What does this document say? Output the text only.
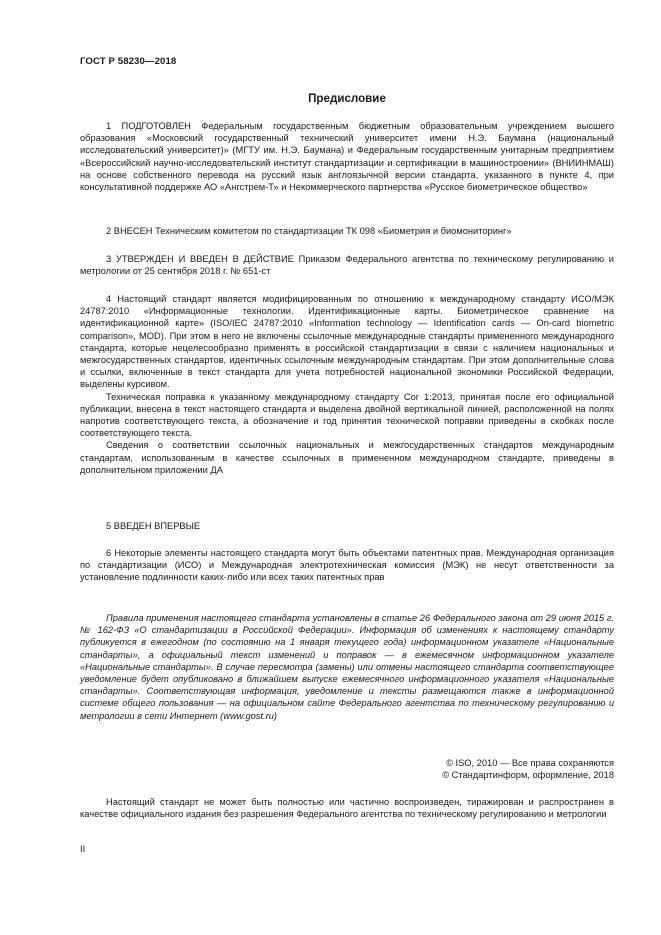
ГОСТ Р 58230—2018
Предисловие

1 ПОДГОТОВЛЕН Федеральным государственным бюджетным образовательным учреждением высшего образования «Московский государственный технический университет имени Н.Э. Баумана (национальный исследовательский университет)» (МГТУ им. Н.Э. Баумана) и Федеральным государственным унитарным предприятием «Всероссийский научно-исследовательский институт стандартизации и сертификации в машиностроении» (ВНИИНМАШ) на основе собственного перевода на русский язык англоязычной версии стандарта, указанного в пункте 4, при консультативной поддержке АО «Ангстрем-Т» и Некоммерческого партнерства «Русское биометрическое общество»

2 ВНЕСЕН Техническим комитетом по стандартизации ТК 098 «Биометрия и биомониторинг»

3 УТВЕРЖДЕН И ВВЕДЕН В ДЕЙСТВИЕ Приказом Федерального агентства по техническому регулированию и метрологии от 25 сентября 2018 г. № 651-ст

4 Настоящий стандарт является модифицированным по отношению к международному стандарту ИСО/МЭК 24787:2010 «Информационные технологии. Идентификационные карты. Биометрическое сравнение на идентификационной карте» (ISO/IEC 24787:2010 «Information technology — Identification cards — On-card biometric comparison», MOD). При этом в него не включены ссылочные международные стандарты примененного международного стандарта, которые нецелесообразно применять в российской стандартизации в связи с наличием национальных и межгосударственных стандартов, идентичных ссылочным международным стандартам. При этом дополнительные слова и ссылки, включенные в текст стандарта для учета потребностей национальной экономики Российской Федерации, выделены курсивом.

Техническая поправка к указанному международному стандарту Cor 1:2013, принятая после его официальной публикации, внесена в текст настоящего стандарта и выделена двойной вертикальной линией, расположенной на полях напротив соответствующего текста, а обозначение и год принятия технической поправки приведены в скобках после соответствующего текста.

Сведения о соответствии ссылочных национальных и межгосударственных стандартов международным стандартам, использованным в качестве ссылочных в примененном международном стандарте, приведены в дополнительном приложении ДА

5 ВВЕДЕН ВПЕРВЫЕ

6 Некоторые элементы настоящего стандарта могут быть объектами патентных прав. Международная организация по стандартизации (ИСО) и Международная электротехническая комиссия (МЭК) не несут ответственности за установление подлинности каких-либо или всех таких патентных прав

Правила применения настоящего стандарта установлены в статье 26 Федерального закона от 29 июня 2015 г. № 162-ФЗ «О стандартизации в Российской Федерации». Информация об изменениях к настоящему стандарту публикуется в ежегодном (по состоянию на 1 января текущего года) информационном указателе «Национальные стандарты», а официальный текст изменений и поправок — в ежемесячном информационном указателе «Национальные стандарты». В случае пересмотра (замены) или отмены настоящего стандарта соответствующее уведомление будет опубликовано в ближайшем выпуске ежемесячного информационного указателя «Национальные стандарты». Соответствующая информация, уведомление и тексты размещаются также в информационной системе общего пользования — на официальном сайте Федерального агентства по техническому регулированию и метрологии в сети Интернет (www.gost.ru)

© ISO, 2010 — Все права сохраняются

© Стандартинформ, оформление, 2018

Настоящий стандарт не может быть полностью или частично воспроизведен, тиражирован и распространен в качестве официального издания без разрешения Федерального агентства по техническому регулированию и метрологии

II
